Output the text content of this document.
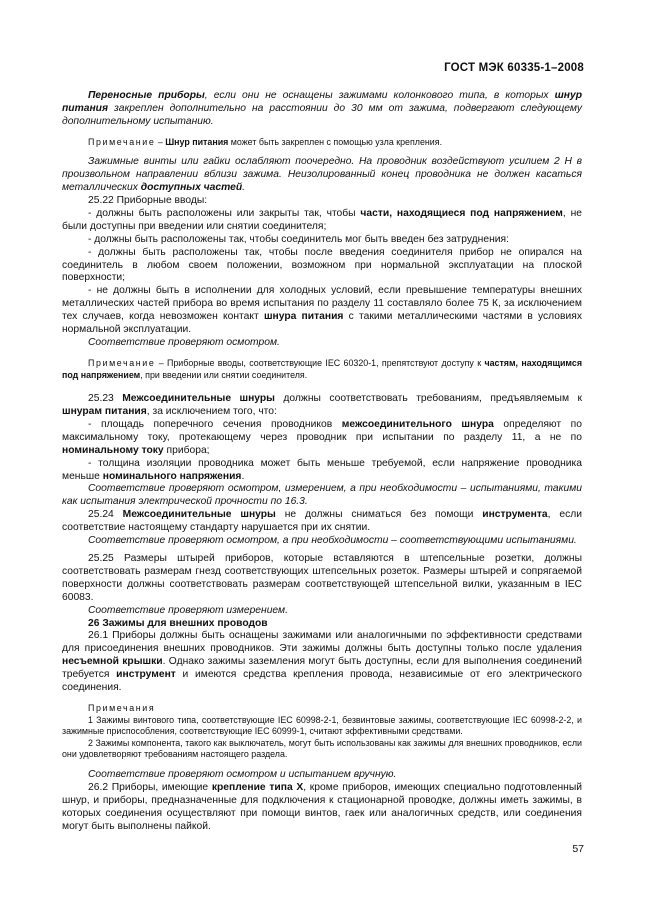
ГОСТ МЭК 60335-1–2008

Переносные приборы, если они не оснащены зажимами колонкового типа, в которых шнур питания закреплен дополнительно на расстоянии до 30 мм от зажима, подвергают следующему дополнительному испытанию.

Примечание – Шнур питания может быть закреплен с помощью узла крепления.

Зажимные винты или гайки ослабляют поочередно. На проводник воздействуют усилием 2 Н в произвольном направлении вблизи зажима. Неизолированный конец проводника не должен касаться металлических доступных частей.

25.22 Приборные вводы:

- должны быть расположены или закрыты так, чтобы части, находящиеся под напряжением, не были доступны при введении или снятии соединителя;

- должны быть расположены так, чтобы соединитель мог быть введен без затруднения:

- должны быть расположены так, чтобы после введения соединителя прибор не опирался на соединитель в любом своем положении, возможном при нормальной эксплуатации на плоской поверхности;

- не должны быть в исполнении для холодных условий, если превышение температуры внешних металлических частей прибора во время испытания по разделу 11 составляло более 75 К, за исключением тех случаев, когда невозможен контакт шнура питания с такими металлическими частями в условиях нормальной эксплуатации.

Соответствие проверяют осмотром.

Примечание – Приборные вводы, соответствующие IEC 60320-1, препятствуют доступу к частям, находящимся под напряжением, при введении или снятии соединителя.

25.23 Межсоединительные шнуры должны соответствовать требованиям, предъявляемым к шнурам питания, за исключением того, что:

- площадь поперечного сечения проводников межсоединительного шнура определяют по максимальному току, протекающему через проводник при испытании по разделу 11, а не по номинальному току прибора;

- толщина изоляции проводника может быть меньше требуемой, если напряжение проводника меньше номинального напряжения.

Соответствие проверяют осмотром, измерением, а при необходимости – испытаниями, такими как испытания электрической прочности по 16.3.

25.24 Межсоединительные шнуры не должны сниматься без помощи инструмента, если соответствие настоящему стандарту нарушается при их снятии.

Соответствие проверяют осмотром, а при необходимости – соответствующими испытаниями.

25.25 Размеры штырей приборов, которые вставляются в штепсельные розетки, должны соответствовать размерам гнезд соответствующих штепсельных розеток. Размеры штырей и сопрягаемой поверхности должны соответствовать размерам соответствующей штепсельной вилки, указанным в IEC 60083.

Соответствие проверяют измерением.

26 Зажимы для внешних проводов

26.1 Приборы должны быть оснащены зажимами или аналогичными по эффективности средствами для присоединения внешних проводников. Эти зажимы должны быть доступны только после удаления несъемной крышки. Однако зажимы заземления могут быть доступны, если для выполнения соединений требуется инструмент и имеются средства крепления провода, независимые от его электрического соединения.

Примечания

1 Зажимы винтового типа, соответствующие IEC 60998-2-1, безвинтовые зажимы, соответствующие IEC 60998-2-2, и зажимные приспособления, соответствующие IEC 60999-1, считают эффективными средствами.

2 Зажимы компонента, такого как выключатель, могут быть использованы как зажимы для внешних проводников, если они удовлетворяют требованиям настоящего раздела.

Соответствие проверяют осмотром и испытанием вручную.

26.2 Приборы, имеющие крепление типа X, кроме приборов, имеющих специально подготовленный шнур, и приборы, предназначенные для подключения к стационарной проводке, должны иметь зажимы, в которых соединения осуществляют при помощи винтов, гаек или аналогичных средств, или соединения могут быть выполнены пайкой.

57
